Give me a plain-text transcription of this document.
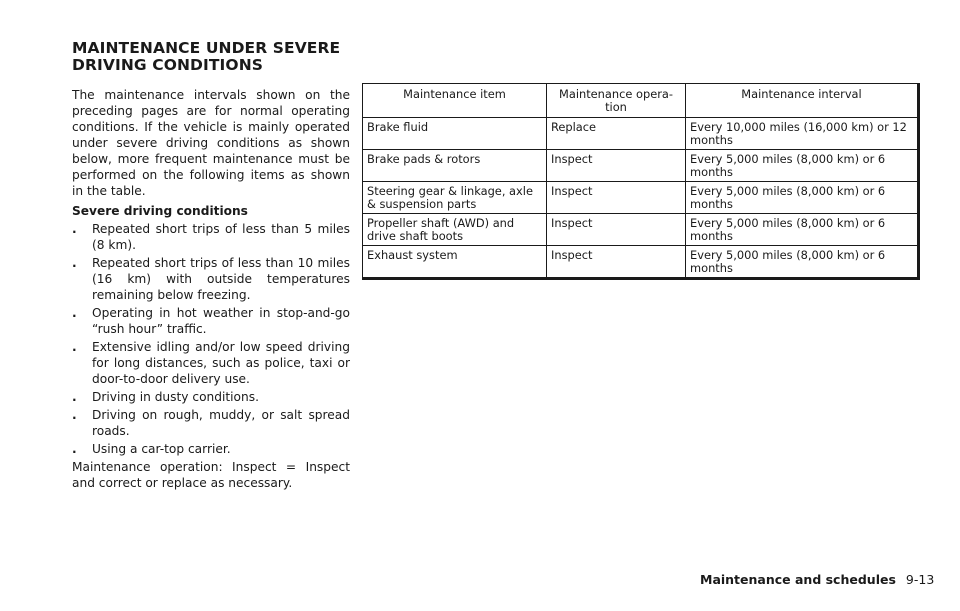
MAINTENANCE UNDER SEVERE
DRIVING CONDITIONS

The maintenance intervals shown on the preceding pages are for normal operating conditions. If the vehicle is mainly operated under severe driving conditions as shown below, more frequent maintenance must be performed on the following items as shown in the table.

Severe driving conditions
. Repeated short trips of less than 5 miles (8 km).
. Repeated short trips of less than 10 miles (16 km) with outside temperatures remaining below freezing.
. Operating in hot weather in stop-and-go “rush hour” traffic.
. Extensive idling and/or low speed driving for long distances, such as police, taxi or door-to-door delivery use.
. Driving in dusty conditions.
. Driving on rough, muddy, or salt spread roads.
. Using a car-top carrier.

Maintenance operation: Inspect = Inspect and correct or replace as necessary.

Maintenance item	Maintenance opera-tion	Maintenance interval
Brake fluid	Replace	Every 10,000 miles (16,000 km) or 12 months
Brake pads & rotors	Inspect	Every 5,000 miles (8,000 km) or 6 months
Steering gear & linkage, axle & suspension parts	Inspect	Every 5,000 miles (8,000 km) or 6 months
Propeller shaft (AWD) and drive shaft boots	Inspect	Every 5,000 miles (8,000 km) or 6 months
Exhaust system	Inspect	Every 5,000 miles (8,000 km) or 6 months
Maintenance and schedules 9-13
